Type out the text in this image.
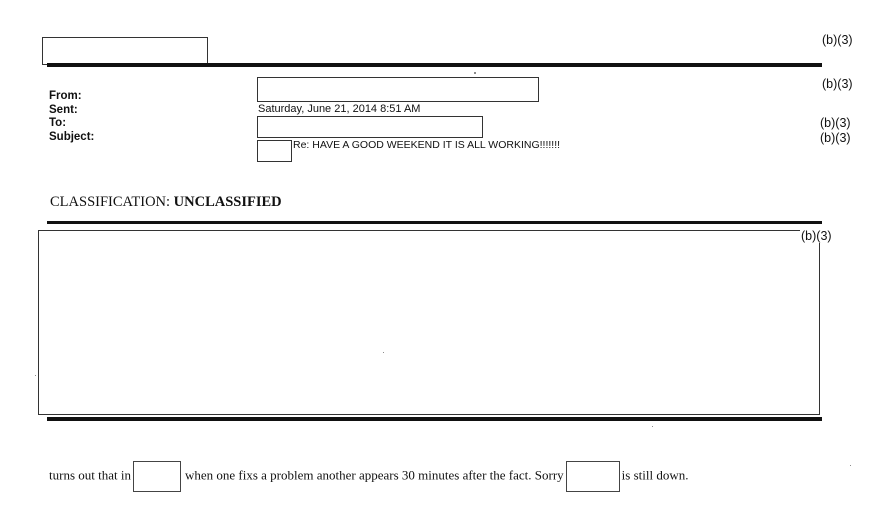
(b)(3)
From:
(b)(3)
Sent:	Saturday, June 21, 2014 8:51 AM
To:	(b)(3)
Subject:
Re: HAVE A GOOD WEEKEND IT IS ALL WORKING!!!!!!!	(b)(3)
CLASSIFICATION: UNCLASSIFIED
(b)(3)
turns out that in	when one fixs a problem another appears 30 minutes after the fact. Sorry	is still down.
